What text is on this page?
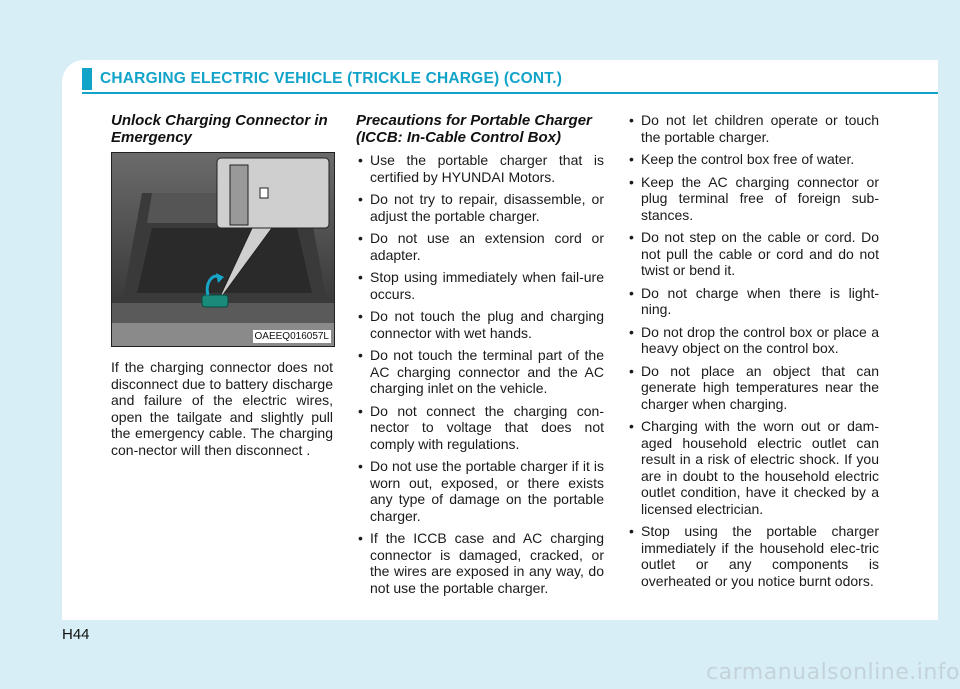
CHARGING ELECTRIC VEHICLE (TRICKLE CHARGE) (CONT.)
Unlock Charging Connector in Emergency
OAEEQ016057L

If the charging connector does not disconnect due to battery discharge and failure of the electric wires, open the tailgate and slightly pull the emergency cable. The charging con-nector will then disconnect .

Precautions for Portable Charger (ICCB: In-Cable Control Box)
• Use the portable charger that is certified by HYUNDAI Motors.
• Do not try to repair, disassemble, or adjust the portable charger.
• Do not use an extension cord or adapter.
• Stop using immediately when fail-ure occurs.
• Do not touch the plug and charging connector with wet hands.
• Do not touch the terminal part of the AC charging connector and the AC charging inlet on the vehicle.
• Do not connect the charging con-nector to voltage that does not comply with regulations.
• Do not use the portable charger if it is worn out, exposed, or there exists any type of damage on the portable charger.
• If the ICCB case and AC charging connector is damaged, cracked, or the wires are exposed in any way, do not use the portable charger.
• Do not let children operate or touch the portable charger.
• Keep the control box free of water.
• Keep the AC charging connector or plug terminal free of foreign sub-stances.
• Do not step on the cable or cord. Do not pull the cable or cord and do not twist or bend it.
• Do not charge when there is light-ning.
• Do not drop the control box or place a heavy object on the control box.
• Do not place an object that can generate high temperatures near the charger when charging.
• Charging with the worn out or dam-aged household electric outlet can result in a risk of electric shock. If you are in doubt to the household electric outlet condition, have it checked by a licensed electrician.
• Stop using the portable charger immediately if the household elec-tric outlet or any components is overheated or you notice burnt odors.
H44
carmanualsonline.info
